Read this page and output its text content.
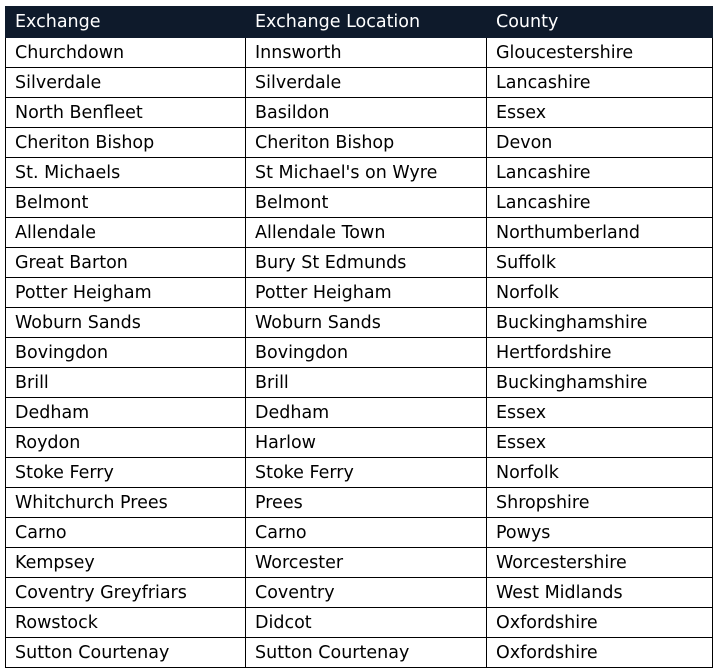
Exchange	Exchange Location	County
Churchdown	Innsworth	Gloucestershire
Silverdale	Silverdale	Lancashire
North Benfleet	Basildon	Essex
Cheriton Bishop	Cheriton Bishop	Devon
St. Michaels	St Michael's on Wyre	Lancashire
Belmont	Belmont	Lancashire
Allendale	Allendale Town	Northumberland
Great Barton	Bury St Edmunds	Suffolk
Potter Heigham	Potter Heigham	Norfolk
Woburn Sands	Woburn Sands	Buckinghamshire
Bovingdon	Bovingdon	Hertfordshire
Brill	Brill	Buckinghamshire
Dedham	Dedham	Essex
Roydon	Harlow	Essex
Stoke Ferry	Stoke Ferry	Norfolk
Whitchurch Prees	Prees	Shropshire
Carno	Carno	Powys
Kempsey	Worcester	Worcestershire
Coventry Greyfriars	Coventry	West Midlands
Rowstock	Didcot	Oxfordshire
Sutton Courtenay	Sutton Courtenay	Oxfordshire
